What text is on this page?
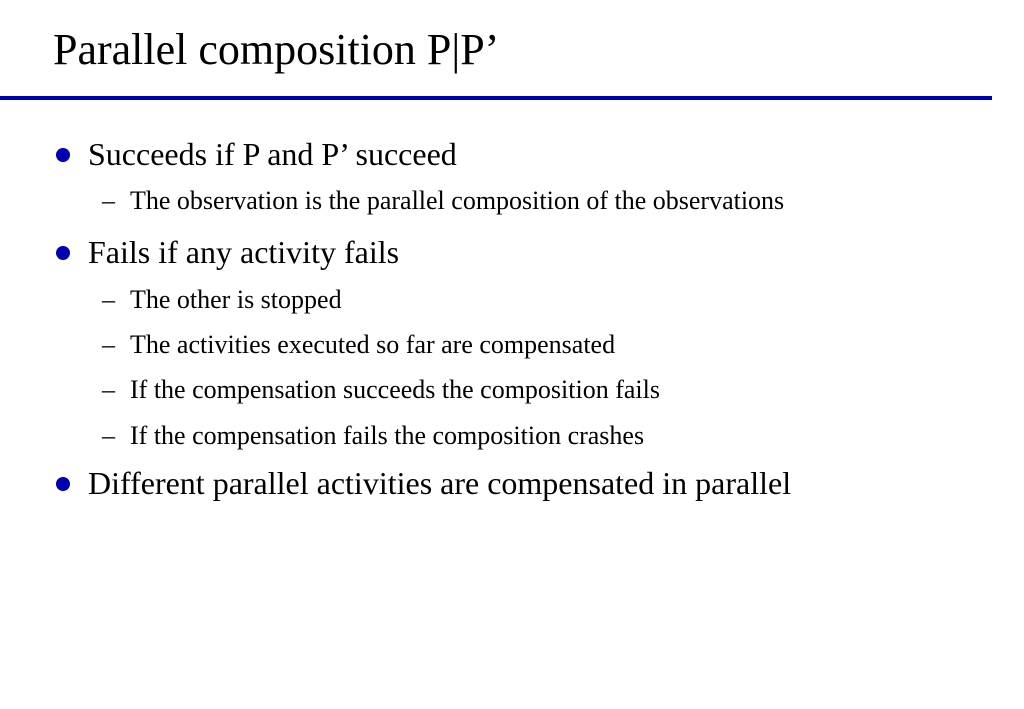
Parallel composition P|P’
Succeeds if P and P’ succeed
– The observation is the parallel composition of the observations
Fails if any activity fails
– The other is stopped
– The activities executed so far are compensated
– If the compensation succeeds the composition fails
– If the compensation fails the composition crashes
Different parallel activities are compensated in parallel
